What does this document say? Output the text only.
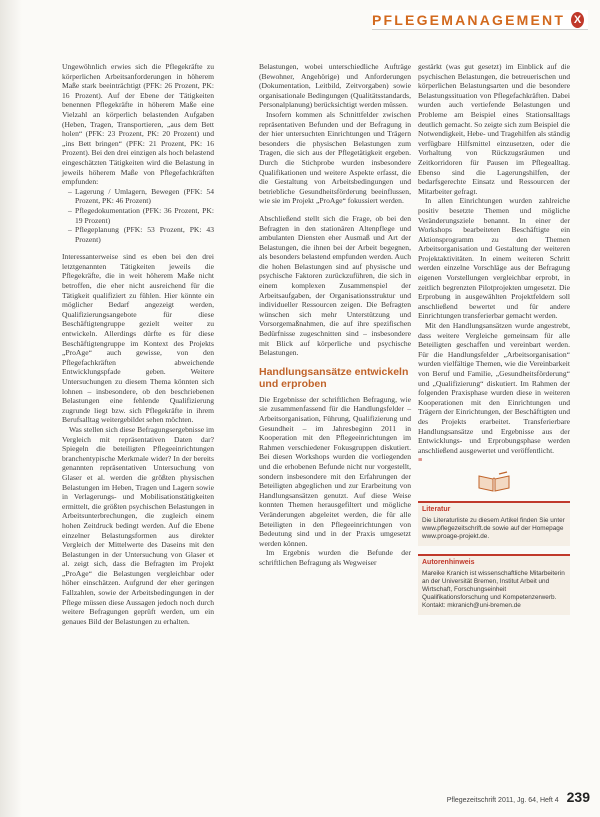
PFLEGEMANAGEMENT X

Ungewöhnlich erwies sich die Pflegekräfte zu körperlichen Arbeitsanforderungen in höherem Maße stark beeinträchtigt (PFK: 26 Prozent, PK: 16 Prozent). Auf der Ebene der Tätigkeiten benennen Pflegekräfte in höherem Maße eine Vielzahl an körperlich belastenden Aufgaben (Heben, Tragen, Transportieren, „aus dem Bett holen“ (PFK: 23 Prozent, PK: 20 Prozent) und „ins Bett bringen“ (PFK: 21 Prozent, PK: 16 Prozent). Bei den drei einzigen als hoch belastend eingeschätzten Tätigkeiten wird die Belastung in jeweils höherem Maße von Pflegefachkräften empfunden:

– Lagerung / Umlagern, Bewegen (PFK: 54 Prozent, PK: 46 Prozent)
– Pflegedokumentation (PFK: 36 Prozent, PK: 19 Prozent)
– Pflegeplanung (PFK: 53 Prozent, PK: 43 Prozent)

Interessanterweise sind es eben bei den drei letztgenannten Tätigkeiten jeweils die Pflegekräfte, die in weit höherem Maße nicht betroffen, die eher nicht ausreichend für die Tätigkeit qualifiziert zu fühlen. Hier könnte ein möglicher Bedarf angezeigt werden, Qualifizierungsangebote für diese Beschäftigtengruppe gezielt weiter zu entwickeln. Allerdings dürfte es für diese Beschäftigtengruppe im Kontext des Projekts „ProAge“ auch gewisse, von den Pflegefachkräften abweichende Entwicklungspfade geben. Weitere Untersuchungen zu diesem Thema könnten sich lohnen – insbesondere, ob den beschriebenen Belastungen eine fehlende Qualifizierung zugrunde liegt bzw. sich Pflegekräfte in ihrem Berufsalltag weitergebildet sehen möchten.

Was stellen sich diese Befragungsergebnisse im Vergleich mit repräsentativen Daten dar? Spiegeln die beteiligten Pflegeeinrichtungen branchentypische Merkmale wider? In der bereits genannten repräsentativen Untersuchung von Glaser et al. werden die größten physischen Belastungen im Heben, Tragen und Lagern sowie in Verlagerungs- und Mobilisationstätigkeiten ermittelt, die größten psychischen Belastungen in Arbeitsunterbrechungen, die zugleich einem hohen Zeitdruck bedingt werden. Auf die Ebene einzelner Belastungsformen aus direkter Vergleich der Mittelwerte des Daseins mit den Belastungen in der Untersuchung von Glaser et al. zeigt sich, dass die Befragten im Projekt „ProAge“ die Belastungen vergleichbar oder höher einschätzen. Aufgrund der eher geringen Fallzahlen, sowie der Arbeitsbedingungen in der Pflege müssen diese Aussagen jedoch noch durch weitere Befragungen geprüft werden, um ein genaues Bild der Belastungen zu erhalten.

Belastungen, wobei unterschiedliche Aufträge (Bewohner, Angehörige) und Anforderungen (Dokumentation, Leitbild, Zeitvorgaben) sowie organisationale Bedingungen (Qualitätsstandards, Personalplanung) berücksichtigt werden müssen.

Insofern kommen als Schnittfelder zwischen repräsentativen Befunden und der Befragung in der hier untersuchten Einrichtungen und Trägern besonders die physischen Belastungen zum Tragen, die sich aus der Pflegetätigkeit ergeben. Durch die Stichprobe wurden insbesondere Qualifikationen und weitere Aspekte erfasst, die die Gestaltung von Arbeitsbedingungen und betriebliche Gesundheitsförderung beeinflussen, wie sie im Projekt „ProAge“ fokussiert werden.

Abschließend stellt sich die Frage, ob bei den Befragten in den stationären Altenpflege und ambulanten Diensten eher Ausmaß und Art der Belastungen, die ihnen bei der Arbeit begegnen, als besonders belastend empfunden werden. Auch die hohen Belastungen sind auf physische und psychische Faktoren zurückzuführen, die sich in einem komplexen Zusammenspiel der Arbeitsaufgaben, der Organisationsstruktur und individueller Ressourcen zeigen. Die Befragten wünschen sich mehr Unterstützung und Vorsorgemaßnahmen, die auf ihre spezifischen Bedürfnisse zugeschnitten sind – insbesondere mit Blick auf körperliche und psychische Belastungen.

Handlungsansätze entwickeln und erproben

Die Ergebnisse der schriftlichen Befragung, wie sie zusammenfassend für die Handlungsfelder – Arbeitsorganisation, Führung, Qualifizierung und Gesundheit – im Jahresbeginn 2011 in Kooperation mit den Pflegeeinrichtungen im Rahmen verschiedener Fokusgruppen diskutiert. Bei diesen Workshops wurden die vorliegenden und die erhobenen Befunde nicht nur vorgestellt, sondern insbesondere mit den Erfahrungen der Beteiligten abgeglichen und zur Erarbeitung von Handlungsansätzen genutzt. Auf diese Weise konnten Themen herausgefiltert und mögliche Veränderungen abgeleitet werden, die für alle Beteiligten in den Pflegeeinrichtungen von Bedeutung sind und in der Praxis umgesetzt werden können.

Im Ergebnis wurden die Befunde der schriftlichen Befragung als Wegweiser

gestärkt (was gut gesetzt) im Einblick auf die psychischen Belastungen, die betreuerischen und körperlichen Belastungsarten und die besondere Belastungssituation von Pflegefachkräften. Dabei wurden auch vertiefende Belastungen und Probleme am Beispiel eines Stationsalltags deutlich gemacht. So zeigte sich zum Beispiel die Notwendigkeit, Hebe- und Tragehilfen als ständig verfügbare Hilfsmittel einzusetzen, oder die Vorhaltung von Rückzugsräumen und Zeitkorridoren für Pausen im Pflegealltag. Ebenso sind die Lagerungshilfen, der bedarfsgerechte Einsatz und Ressourcen der Mitarbeiter gefragt.

In allen Einrichtungen wurden zahlreiche positiv besetzte Themen und mögliche Veränderungsziele benannt. In einer der Workshops bearbeiteten Beschäftigte ein Aktionsprogramm zu den Themen Arbeitsorganisation und Gestaltung der weiteren Projektaktivitäten. In einem weiteren Schritt werden einzelne Vorschläge aus der Befragung eigenen Vorstellungen vergleichbar erprobt, in zeitlich begrenzten Pilotprojekten umgesetzt. Die Erprobung in ausgewählten Projektfeldern soll anschließend bewertet und für andere Einrichtungen transferierbar gemacht werden.

Mit den Handlungsansätzen wurde angestrebt, dass weitere Vergleiche gemeinsam für alle Beteiligten geschaffen und vereinbart werden. Für die Handlungsfelder „Arbeitsorganisation“ wurden vielfältige Themen, wie die Vereinbarkeit von Beruf und Familie, „Gesundheitsförderung“ und „Qualifizierung“ diskutiert. Im Rahmen der folgenden Praxisphase wurden diese in weiteren Kooperationen mit den Einrichtungen und Trägern der Einrichtungen, der Beschäftigten und des Projekts erarbeitet. Transferierbare Handlungsansätze und Ergebnisse aus der Entwicklungs- und Erprobungsphase werden anschließend ausgewertet und veröffentlicht.

≡
Literatur
Die Literaturliste zu diesem Artikel finden Sie unter www.pflegezeitschrift.de sowie auf der Homepage www.proage-projekt.de.
Autorenhinweis
Mareike Kranich ist wissenschaftliche Mitarbeiterin an der Universität Bremen, Institut Arbeit und Wirtschaft, Forschungseinheit Qualifikationsforschung und Kompetenzerwerb. Kontakt: mkranich@uni-bremen.de
Pflegezeitschrift 2011, Jg. 64, Heft 4 239
